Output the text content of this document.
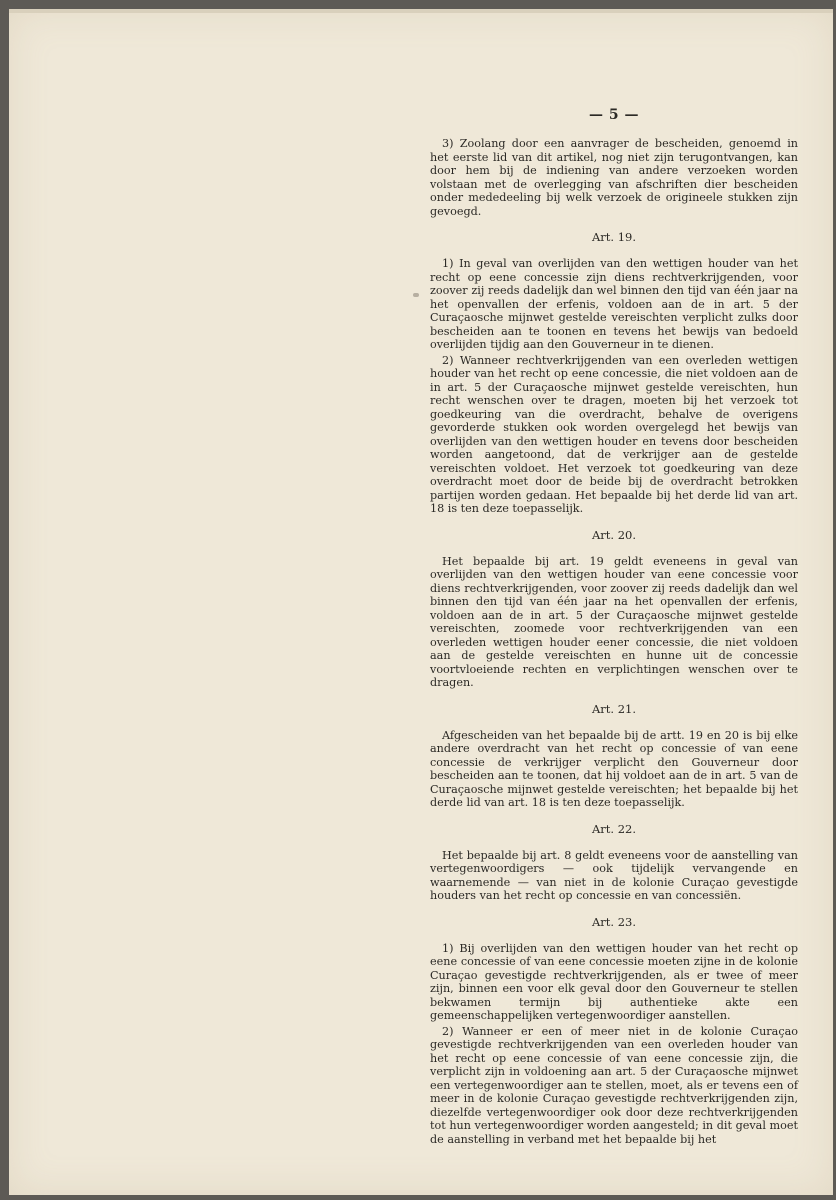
— 5 —

3) Zoolang door een aanvrager de bescheiden, genoemd in het eerste lid van dit artikel, nog niet zijn terugontvangen, kan door hem bij de indiening van andere verzoeken worden volstaan met de overlegging van afschriften dier bescheiden onder mededeeling bij welk verzoek de origineele stukken zijn gevoegd.

Art. 19.

1) In geval van overlijden van den wettigen houder van het recht op eene concessie zijn diens rechtverkrijgenden, voor zoover zij reeds dadelijk dan wel binnen den tijd van één jaar na het openvallen der erfenis, voldoen aan de in art. 5 der Curaçaosche mijnwet gestelde vereischten verplicht zulks door bescheiden aan te toonen en tevens het bewijs van bedoeld overlijden tijdig aan den Gouverneur in te dienen.

2) Wanneer rechtverkrijgenden van een overleden wettigen houder van het recht op eene concessie, die niet voldoen aan de in art. 5 der Curaçaosche mijnwet gestelde vereischten, hun recht wenschen over te dragen, moeten bij het verzoek tot goedkeuring van die overdracht, behalve de overigens gevorderde stukken ook worden overgelegd het bewijs van overlijden van den wettigen houder en tevens door bescheiden worden aangetoond, dat de verkrijger aan de gestelde vereischten voldoet. Het verzoek tot goedkeuring van deze overdracht moet door de beide bij de overdracht betrokken partijen worden gedaan. Het bepaalde bij het derde lid van art. 18 is ten deze toepasselijk.

Art. 20.

Het bepaalde bij art. 19 geldt eveneens in geval van overlijden van den wettigen houder van eene concessie voor diens rechtverkrijgenden, voor zoover zij reeds dadelijk dan wel binnen den tijd van één jaar na het openvallen der erfenis, voldoen aan de in art. 5 der Curaçaosche mijnwet gestelde vereischten, zoomede voor rechtverkrijgenden van een overleden wettigen houder eener concessie, die niet voldoen aan de gestelde vereischten en hunne uit de concessie voortvloeiende rechten en verplichtingen wenschen over te dragen.

Art. 21.

Afgescheiden van het bepaalde bij de artt. 19 en 20 is bij elke andere overdracht van het recht op concessie of van eene concessie de verkrijger verplicht den Gouverneur door bescheiden aan te toonen, dat hij voldoet aan de in art. 5 van de Curaçaosche mijnwet gestelde vereischten; het bepaalde bij het derde lid van art. 18 is ten deze toepasselijk.

Art. 22.

Het bepaalde bij art. 8 geldt eveneens voor de aanstelling van vertegenwoordigers — ook tijdelijk vervangende en waarnemende — van niet in de kolonie Curaçao gevestigde houders van het recht op concessie en van concessiën.

Art. 23.

1) Bij overlijden van den wettigen houder van het recht op eene concessie of van eene concessie moeten zijne in de kolonie Curaçao gevestigde rechtverkrijgenden, als er twee of meer zijn, binnen een voor elk geval door den Gouverneur te stellen bekwamen termijn bij authentieke akte een gemeenschappelijken vertegenwoordiger aanstellen.

2) Wanneer er een of meer niet in de kolonie Curaçao gevestigde rechtverkrijgenden van een overleden houder van het recht op eene concessie of van eene concessie zijn, die verplicht zijn in voldoening aan art. 5 der Curaçaosche mijnwet een vertegenwoordiger aan te stellen, moet, als er tevens een of meer in de kolonie Curaçao gevestigde rechtverkrijgenden zijn, diezelfde vertegenwoordiger ook door deze rechtverkrijgenden tot hun vertegenwoordiger worden aangesteld; in dit geval moet de aanstelling in verband met het bepaalde bij het
